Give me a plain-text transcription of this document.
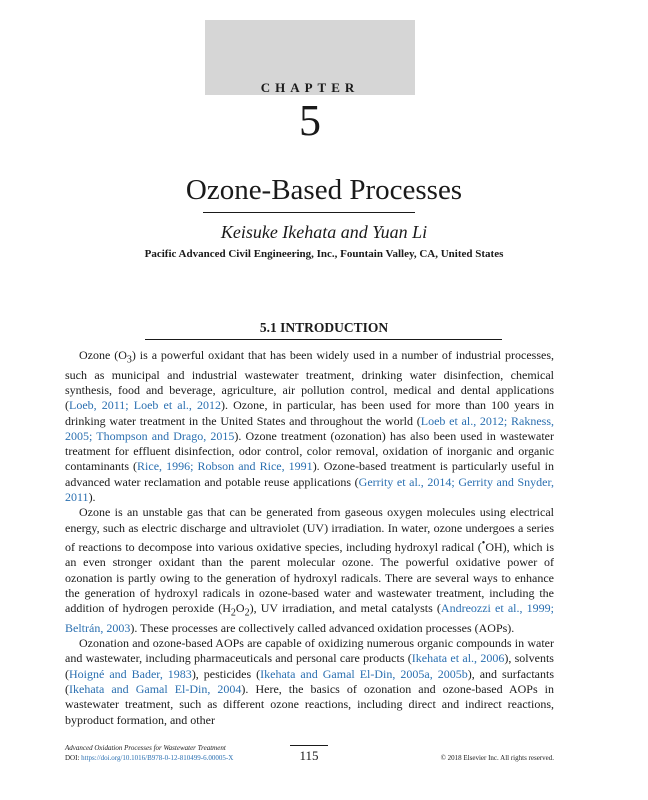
CHAPTER
5
Ozone-Based Processes
Keisuke Ikehata and Yuan Li
Pacific Advanced Civil Engineering, Inc., Fountain Valley, CA, United States
5.1 INTRODUCTION

Ozone $(O_3)$ is a powerful oxidant that has been widely used in a number of industrial processes, such as municipal and industrial wastewater treatment, drinking water disinfection, chemical synthesis, food and beverage, agriculture, air pollution control, medical and dental applications (Loeb, 2011; Loeb et al., 2012). Ozone, in particular, has been used for more than 100 years in drinking water treatment in the United States and throughout the world (Loeb et al., 2012; Rakness, 2005; Thompson and Drago, 2015). Ozone treatment (ozonation) has also been used in wastewater treatment for effluent disinfection, odor control, color removal, oxidation of inorganic and organic contaminants (Rice, 1996; Robson and Rice, 1991). Ozone-based treatment is particularly useful in advanced water reclamation and potable reuse applications (Gerrity et al., 2014; Gerrity and Snyder, 2011).

Ozone is an unstable gas that can be generated from gaseous oxygen molecules using electrical energy, such as electric discharge and ultraviolet (UV) irradiation. In water, ozone undergoes a series of reactions to decompose into various oxidative species, including hydroxyl radical (•OH), which is an even stronger oxidant than the parent molecular ozone. The powerful oxidative power of ozonation is partly owing to the generation of hydroxyl radicals. There are several ways to enhance the generation of hydroxyl radicals in ozone-based water and wastewater treatment, including the addition of hydrogen peroxide $(H_2O_2)$, UV irradiation, and metal catalysts (Andreozzi et al., 1999; Beltrán, 2003). These processes are collectively called advanced oxidation processes (AOPs).

Ozonation and ozone-based AOPs are capable of oxidizing numerous organic compounds in water and wastewater, including pharmaceuticals and personal care products (Ikehata et al., 2006), solvents (Hoigné and Bader, 1983), pesticides (Ikehata and Gamal El-Din, 2005a, 2005b), and surfactants (Ikehata and Gamal El-Din, 2004). Here, the basics of ozonation and ozone-based AOPs in wastewater treatment, such as different ozone reactions, including direct and indirect reactions, byproduct formation, and other

Advanced Oxidation Processes for Wastewater Treatment
DOI: https://doi.org/10.1016/B978-0-12-810499-6.00005-X	115	© 2018 Elsevier Inc. All rights reserved.
